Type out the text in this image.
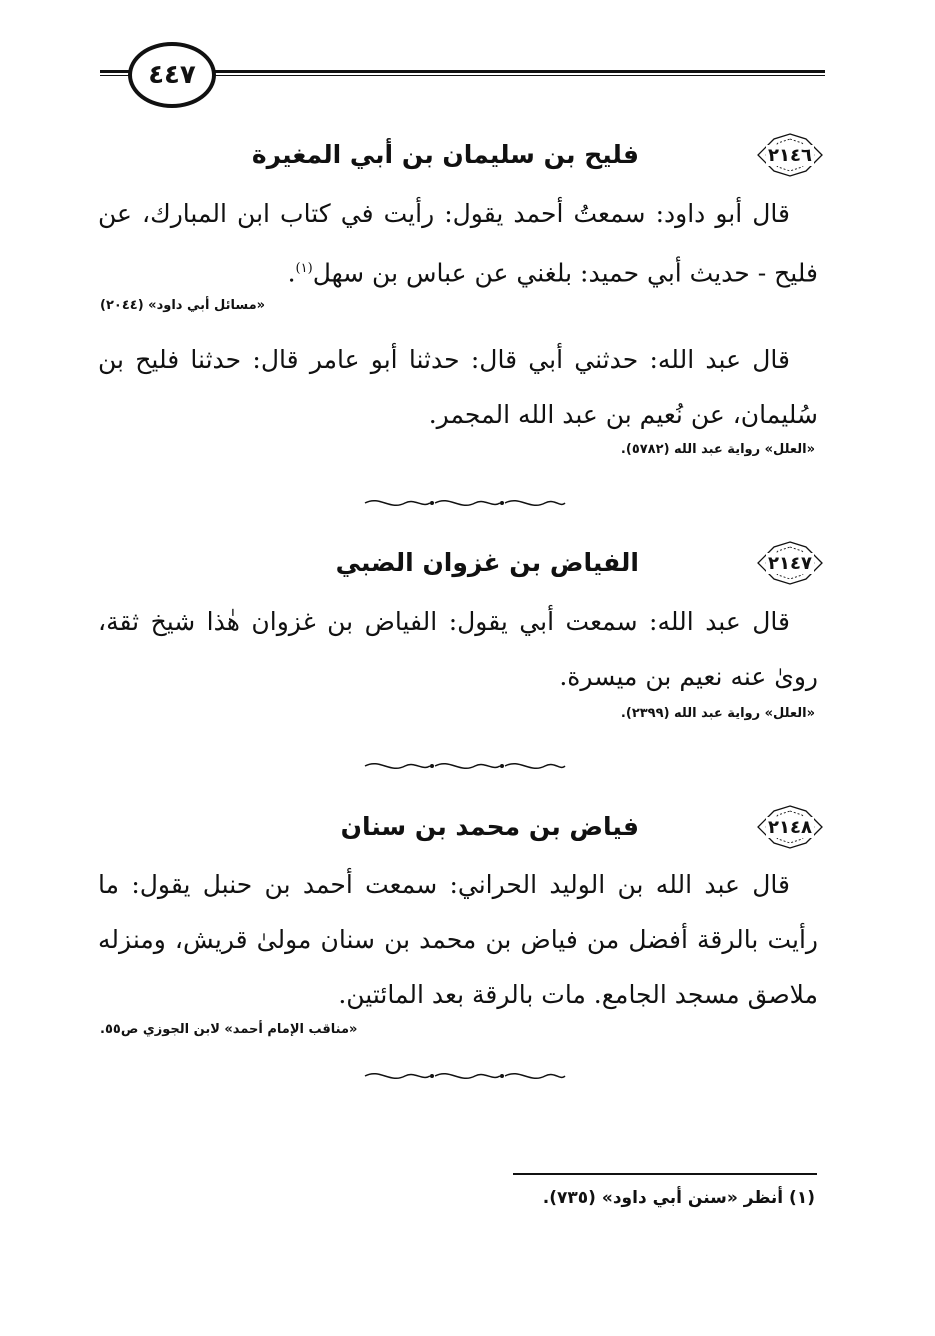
٤٤٧
٢١٤٦
فليح بن سليمان بن أبي المغيرة
قال أبو داود: سمعتُ أحمد يقول: رأيت في كتاب ابن المبارك، عن فليح - حديث أبي حميد: بلغني عن عباس بن سهل$^{(١)}$.
«مسائل أبي داود» (٢٠٤٤)
قال عبد الله: حدثني أبي قال: حدثنا أبو عامر قال: حدثنا فليح بن سُليمان، عن نُعيم بن عبد الله المجمر.
«العلل» رواية عبد الله (٥٧٨٢).
٢١٤٧
الفياض بن غزوان الضبي
قال عبد الله: سمعت أبي يقول: الفياض بن غزوان هٰذا شيخ ثقة، روىٰ عنه نعيم بن ميسرة.
«العلل» رواية عبد الله (٢٣٩٩).
٢١٤٨
فياض بن محمد بن سنان
قال عبد الله بن الوليد الحراني: سمعت أحمد بن حنبل يقول: ما رأيت بالرقة أفضل من فياض بن محمد بن سنان مولىٰ قريش، ومنزله ملاصق مسجد الجامع. مات بالرقة بعد المائتين.
«مناقب الإمام أحمد» لابن الجوزي ص٥٥.
(١) أنظر «سنن أبي داود» (٧٣٥).
